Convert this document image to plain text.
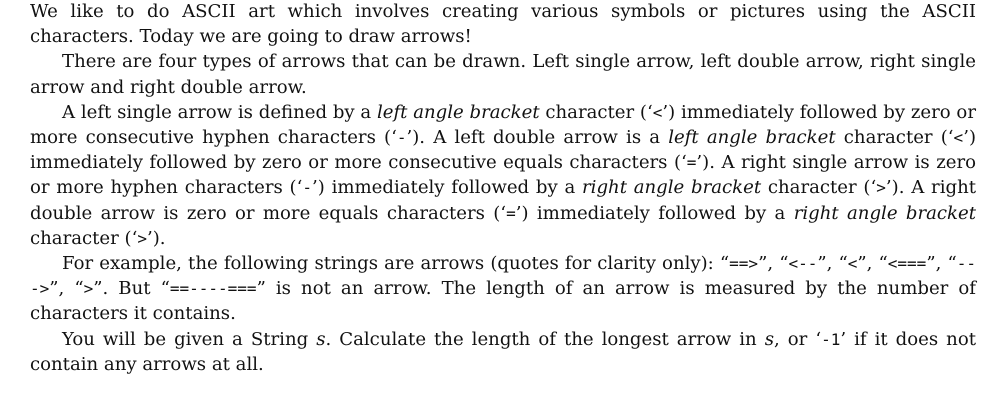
We like to do ASCII art which involves creating various symbols or pictures using the ASCII characters. Today we are going to draw arrows!

There are four types of arrows that can be drawn. Left single arrow, left double arrow, right single arrow and right double arrow.

A left single arrow is defined by a left angle bracket character (‘<’) immediately followed by zero or more consecutive hyphen characters (‘-’). A left double arrow is a left angle bracket character (‘<’) immediately followed by zero or more consecutive equals characters (‘=’). A right single arrow is zero or more hyphen characters (‘-’) immediately followed by a right angle bracket character (‘>’). A right double arrow is zero or more equals characters (‘=’) immediately followed by a right angle bracket character (‘>’).

For example, the following strings are arrows (quotes for clarity only): “==>”, “<--”, “<”, “<===”, “--->”, “>”. But “==----===” is not an arrow. The length of an arrow is measured by the number of characters it contains.

You will be given a String s. Calculate the length of the longest arrow in s, or ‘-1’ if it does not contain any arrows at all.
